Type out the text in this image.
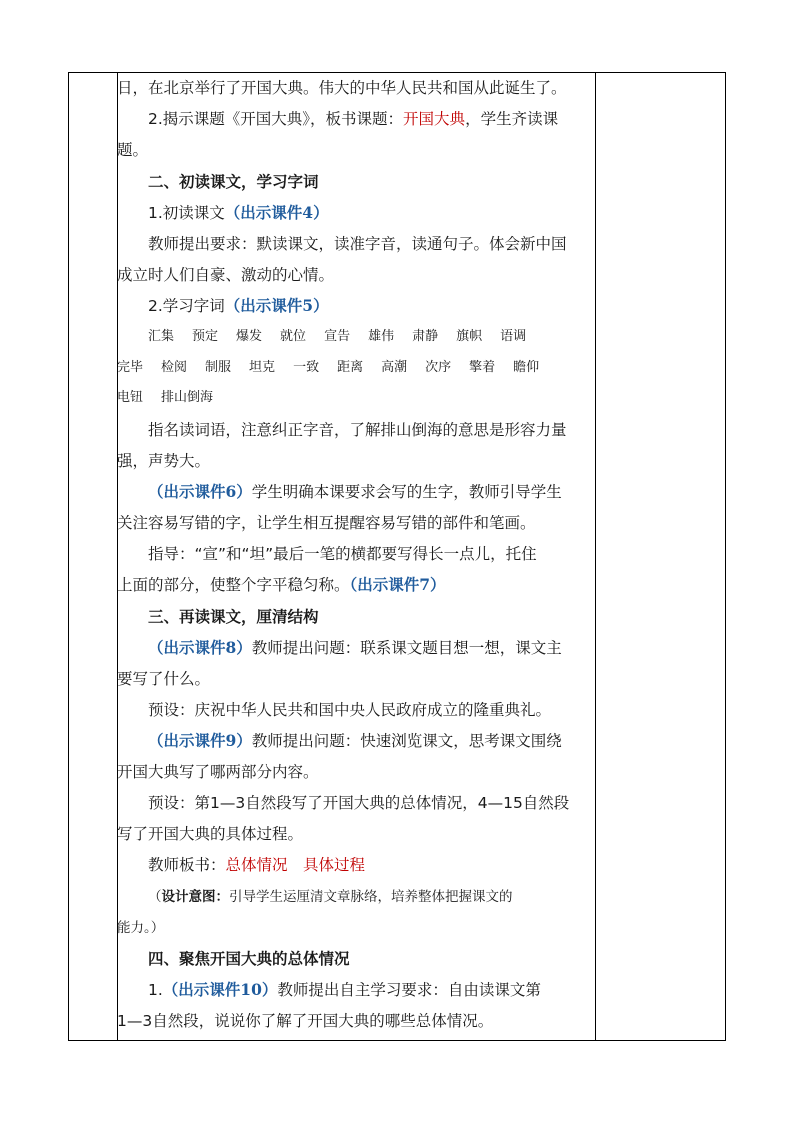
日，在北京举行了开国大典。伟大的中华人民共和国从此诞生了。
2.揭示课题《开国大典》，板书课题：开国大典，学生齐读课
题。
二、初读课文，学习字词
1.初读课文（出示课件4）
教师提出要求：默读课文，读准字音，读通句子。体会新中国
成立时人们自豪、激动的心情。
2.学习字词（出示课件5）
汇集 预定 爆发 就位 宣告 雄伟 肃静 旗帜 语调
完毕 检阅 制服 坦克 一致 距离 高潮 次序 擎着 瞻仰
电钮 排山倒海
指名读词语，注意纠正字音，了解排山倒海的意思是形容力量
强，声势大。
（出示课件6）学生明确本课要求会写的生字，教师引导学生
关注容易写错的字，让学生相互提醒容易写错的部件和笔画。
指导：“宣”和“坦”最后一笔的横都要写得长一点儿，托住
上面的部分，使整个字平稳匀称。（出示课件7）
三、再读课文，厘清结构
（出示课件8）教师提出问题：联系课文题目想一想，课文主
要写了什么。
预设：庆祝中华人民共和国中央人民政府成立的隆重典礼。
（出示课件9）教师提出问题：快速浏览课文，思考课文围绕
开国大典写了哪两部分内容。
预设：第1—3自然段写了开国大典的总体情况，4—15自然段
写了开国大典的具体过程。
教师板书：总体情况　具体过程
（设计意图：引导学生运厘清文章脉络，培养整体把握课文的
能力。）
四、聚焦开国大典的总体情况
1.（出示课件10）教师提出自主学习要求：自由读课文第
1—3自然段，说说你了解了开国大典的哪些总体情况。
